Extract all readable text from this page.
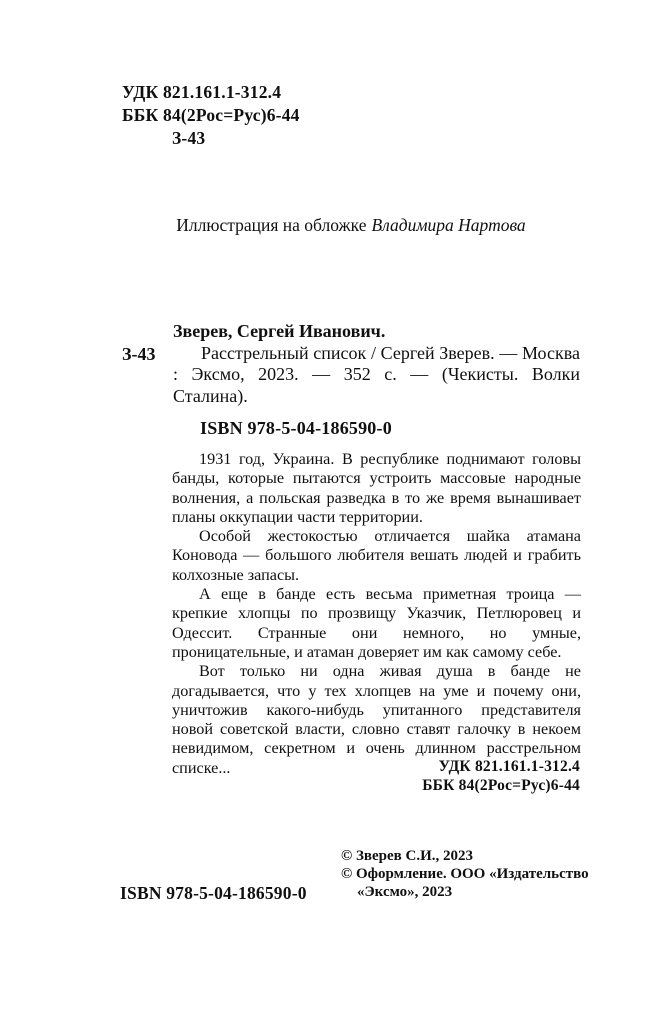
УДК 821.161.1-312.4
ББК 84(2Рос=Рус)6-44
З-43
Иллюстрация на обложке Владимира Нартова
Зверев, Сергей Иванович.
З-43	Расстрельный список / Сергей Зверев. — Москва : Эксмо, 2023. — 352 с. — (Чекисты. Волки Сталина).
ISBN 978-5-04-186590-0

1931 год, Украина. В республике поднимают головы банды, которые пытаются устроить массовые народные волнения, а польская разведка в то же время вынашивает планы оккупации части территории.

Особой жестокостью отличается шайка атамана Коновода — большого любителя вешать людей и грабить колхозные запасы.

А еще в банде есть весьма приметная троица — крепкие хлопцы по прозвищу Указчик, Петлюровец и Одессит. Странные они немного, но умные, проницательные, и атаман доверяет им как самому себе.

Вот только ни одна живая душа в банде не догадывается, что у тех хлопцев на уме и почему они, уничтожив какого-нибудь упитанного представителя новой советской власти, словно ставят галочку в некоем невидимом, секретном и очень длинном расстрельном списке...	УДК 821.161.1-312.4
ББК 84(2Рос=Рус)6-44
© Зверев С.И., 2023
© Оформление. ООО «Издательство «Эксмо», 2023
ISBN 978-5-04-186590-0
